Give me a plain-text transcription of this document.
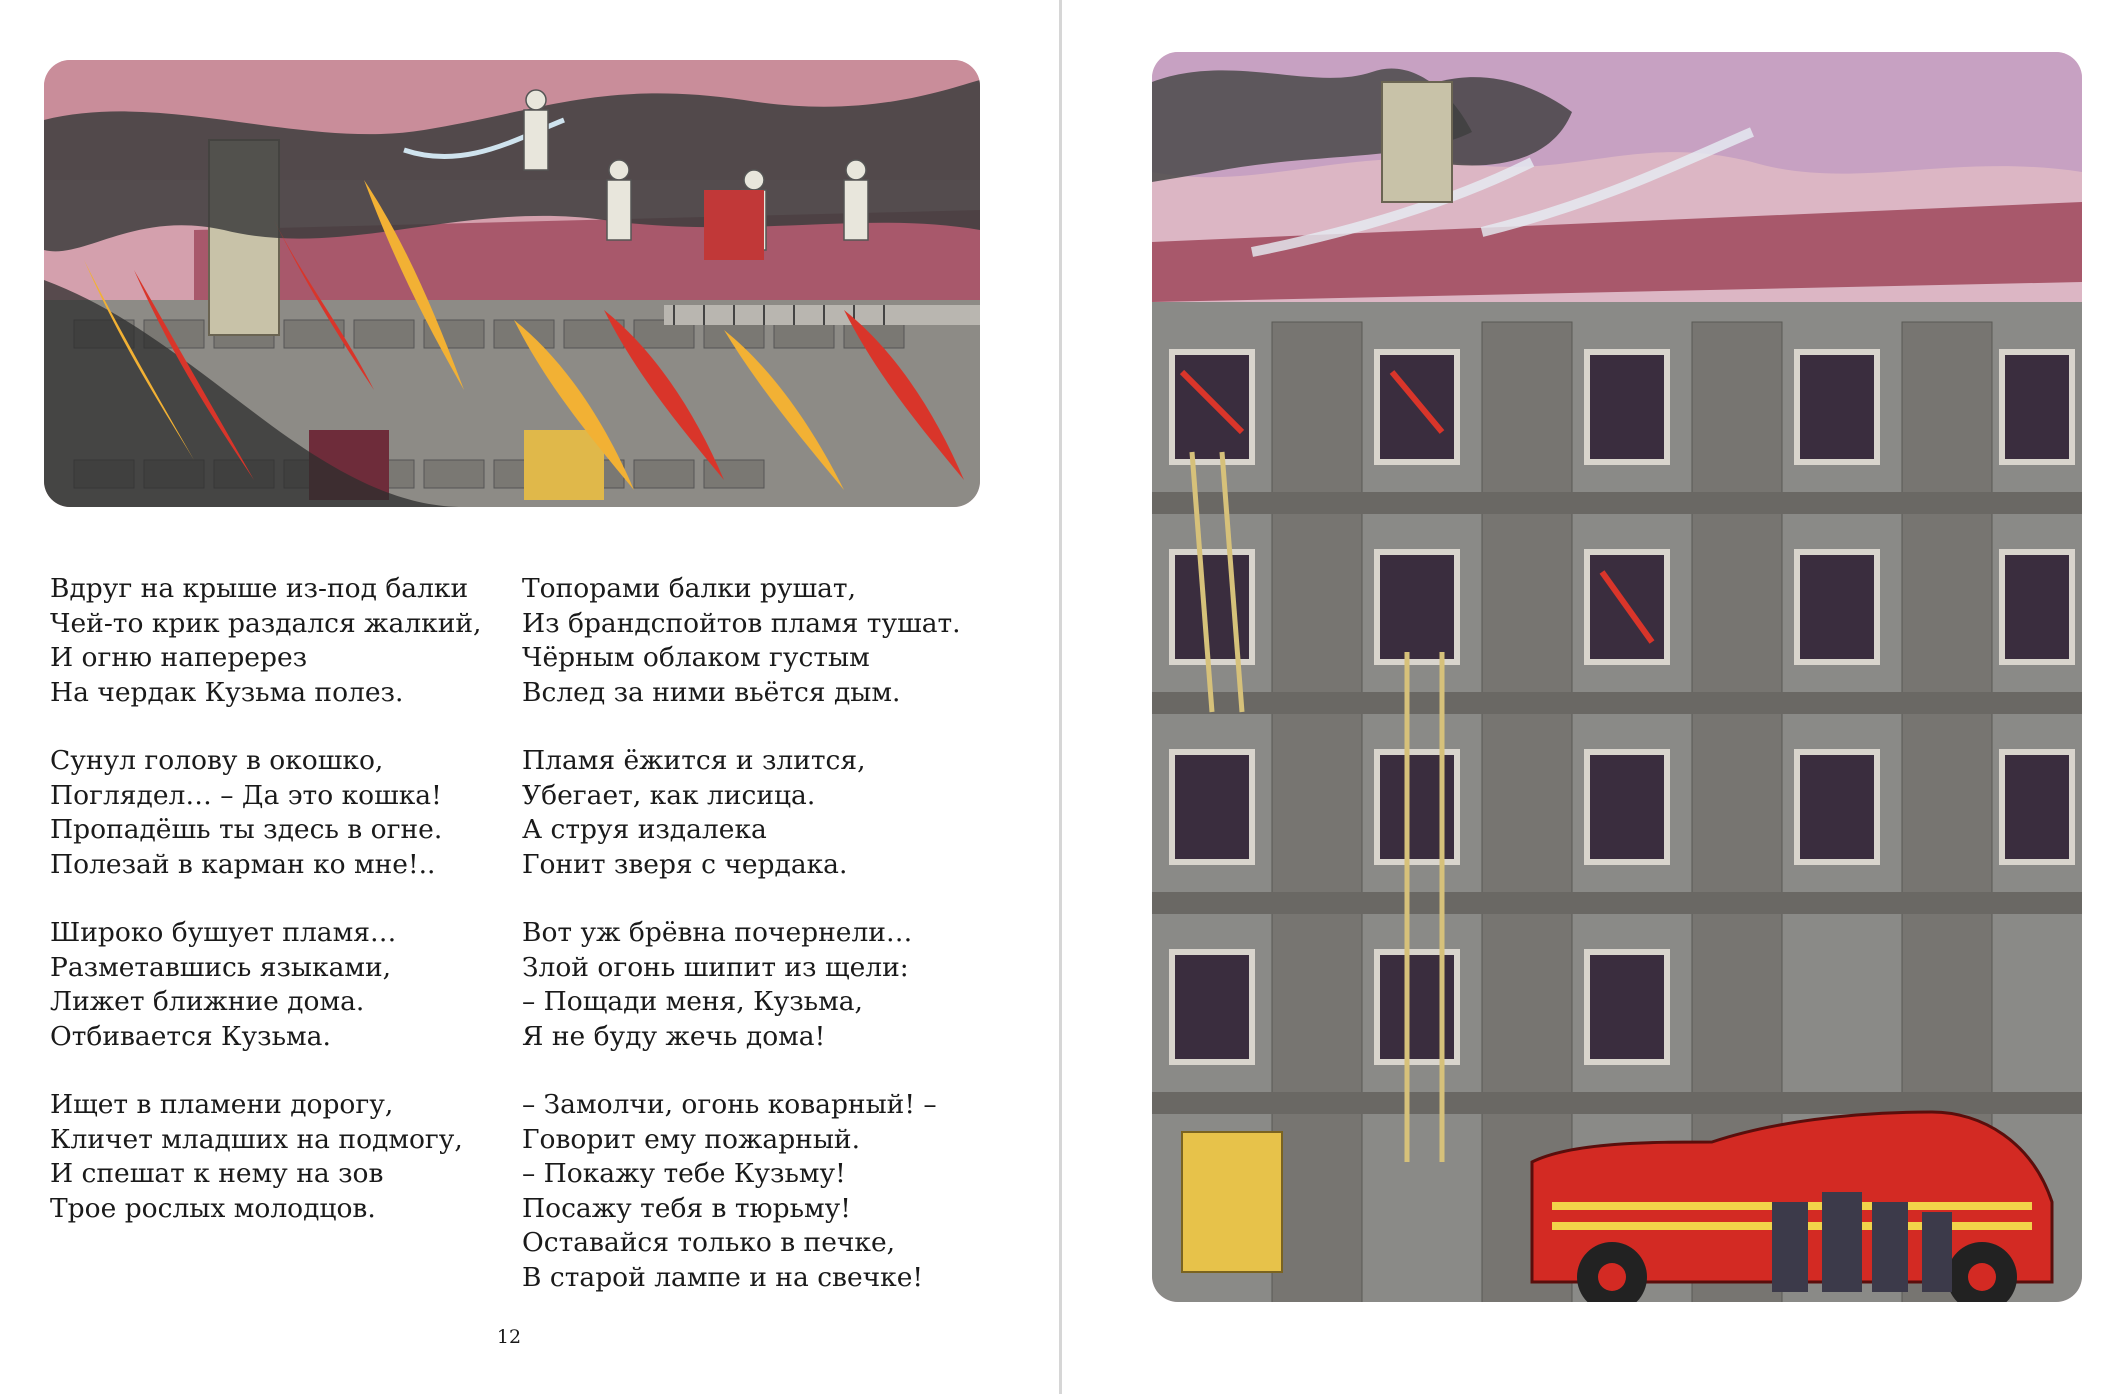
Вдруг на крыше из-под балки
Чей-то крик раздался жалкий,
И огню наперерез
На чердак Кузьма полез.
Сунул голову в окошко,
Поглядел… – Да это кошка!
Пропадёшь ты здесь в огне.
Полезай в карман ко мне!..
Широко бушует пламя…
Разметавшись языками,
Лижет ближние дома.
Отбивается Кузьма.
Ищет в пламени дорогу,
Кличет младших на подмогу,
И спешат к нему на зов
Трое рослых молодцов.
Топорами балки рушат,
Из брандспойтов пламя тушат.
Чёрным облаком густым
Вслед за ними вьётся дым.
Пламя ёжится и злится,
Убегает, как лисица.
А струя издалека
Гонит зверя с чердака.
Вот уж брёвна почернели…
Злой огонь шипит из щели:
– Пощади меня, Кузьма,
Я не буду жечь дома!
– Замолчи, огонь коварный! –
Говорит ему пожарный.
– Покажу тебе Кузьму!
Посажу тебя в тюрьму!
Оставайся только в печке,
В старой лампе и на свечке!
12
